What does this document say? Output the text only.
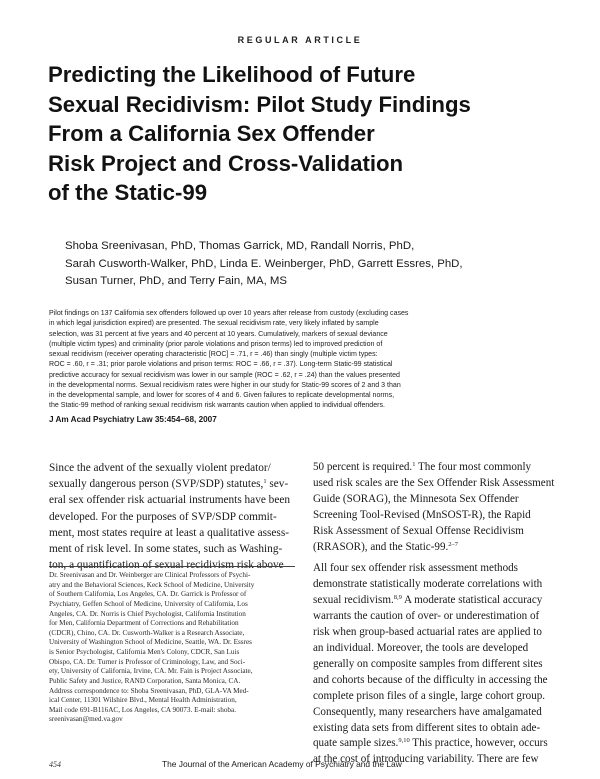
REGULAR ARTICLE
Predicting the Likelihood of Future
Sexual Recidivism: Pilot Study Findings
From a California Sex Offender
Risk Project and Cross-Validation
of the Static-99
Shoba Sreenivasan, PhD, Thomas Garrick, MD, Randall Norris, PhD,
Sarah Cusworth-Walker, PhD, Linda E. Weinberger, PhD, Garrett Essres, PhD,
Susan Turner, PhD, and Terry Fain, MA, MS
Pilot findings on 137 California sex offenders followed up over 10 years after release from custody (excluding cases
in which legal jurisdiction expired) are presented. The sexual recidivism rate, very likely inflated by sample
selection, was 31 percent at five years and 40 percent at 10 years. Cumulatively, markers of sexual deviance
(multiple victim types) and criminality (prior parole violations and prison terms) led to improved prediction of
sexual recidivism (receiver operating characteristic [ROC] = .71, r = .46) than singly (multiple victim types:
ROC = .60, r = .31; prior parole violations and prison terms: ROC = .66, r = .37). Long-term Static-99 statistical
predictive accuracy for sexual recidivism was lower in our sample (ROC = .62, r = .24) than the values presented
in the developmental norms. Sexual recidivism rates were higher in our study for Static-99 scores of 2 and 3 than
in the developmental sample, and lower for scores of 4 and 6. Given failures to replicate developmental norms,
the Static-99 method of ranking sexual recidivism risk warrants caution when applied to individual offenders.
J Am Acad Psychiatry Law 35:454–68, 2007
Since the advent of the sexually violent predator/
sexually dangerous person (SVP/SDP) statutes,$^1$ sev-
eral sex offender risk actuarial instruments have been
developed. For the purposes of SVP/SDP commit-
ment, most states require at least a qualitative assess-
ment of risk level. In some states, such as Washing-
ton, a quantification of sexual recidivism risk above
50 percent is required.$^1$ The four most commonly
used risk scales are the Sex Offender Risk Assessment
Guide (SORAG), the Minnesota Sex Offender
Screening Tool-Revised (MnSOST-R), the Rapid
Risk Assessment of Sexual Offense Recidivism
(RRASOR), and the Static-99.$^{2-7}$
All four sex offender risk assessment methods
demonstrate statistically moderate correlations with
sexual recidivism.$^{8,9}$ A moderate statistical accuracy
warrants the caution of over- or underestimation of
risk when group-based actuarial rates are applied to
an individual. Moreover, the tools are developed
generally on composite samples from different sites
and cohorts because of the difficulty in accessing the
complete prison files of a single, large cohort group.
Consequently, many researchers have amalgamated
existing data sets from different sites to obtain ade-
quate sample sizes.$^{9,10}$ This practice, however, occurs
at the cost of introducing variability. There are few
Dr. Sreenivasan and Dr. Weinberger are Clinical Professors of Psychi-
atry and the Behavioral Sciences, Keck School of Medicine, University
of Southern California, Los Angeles, CA. Dr. Garrick is Professor of
Psychiatry, Geffen School of Medicine, University of California, Los
Angeles, CA. Dr. Norris is Chief Psychologist, California Institution
for Men, California Department of Corrections and Rehabilitation
(CDCR), Chino, CA. Dr. Cusworth-Walker is a Research Associate,
University of Washington School of Medicine, Seattle, WA. Dr. Essres
is Senior Psychologist, California Men's Colony, CDCR, San Luis
Obispo, CA. Dr. Turner is Professor of Criminology, Law, and Soci-
ety, University of California, Irvine, CA. Mr. Fain is Project Associate,
Public Safety and Justice, RAND Corporation, Santa Monica, CA.
Address correspondence to: Shoba Sreenivasan, PhD, GLA-VA Med-
ical Center, 11301 Wilshire Blvd., Mental Health Administration,
Mail code 691-B116AC, Los Angeles, CA 90073. E-mail: shoba.
sreenivasan@med.va.gov
454	The Journal of the American Academy of Psychiatry and the Law
